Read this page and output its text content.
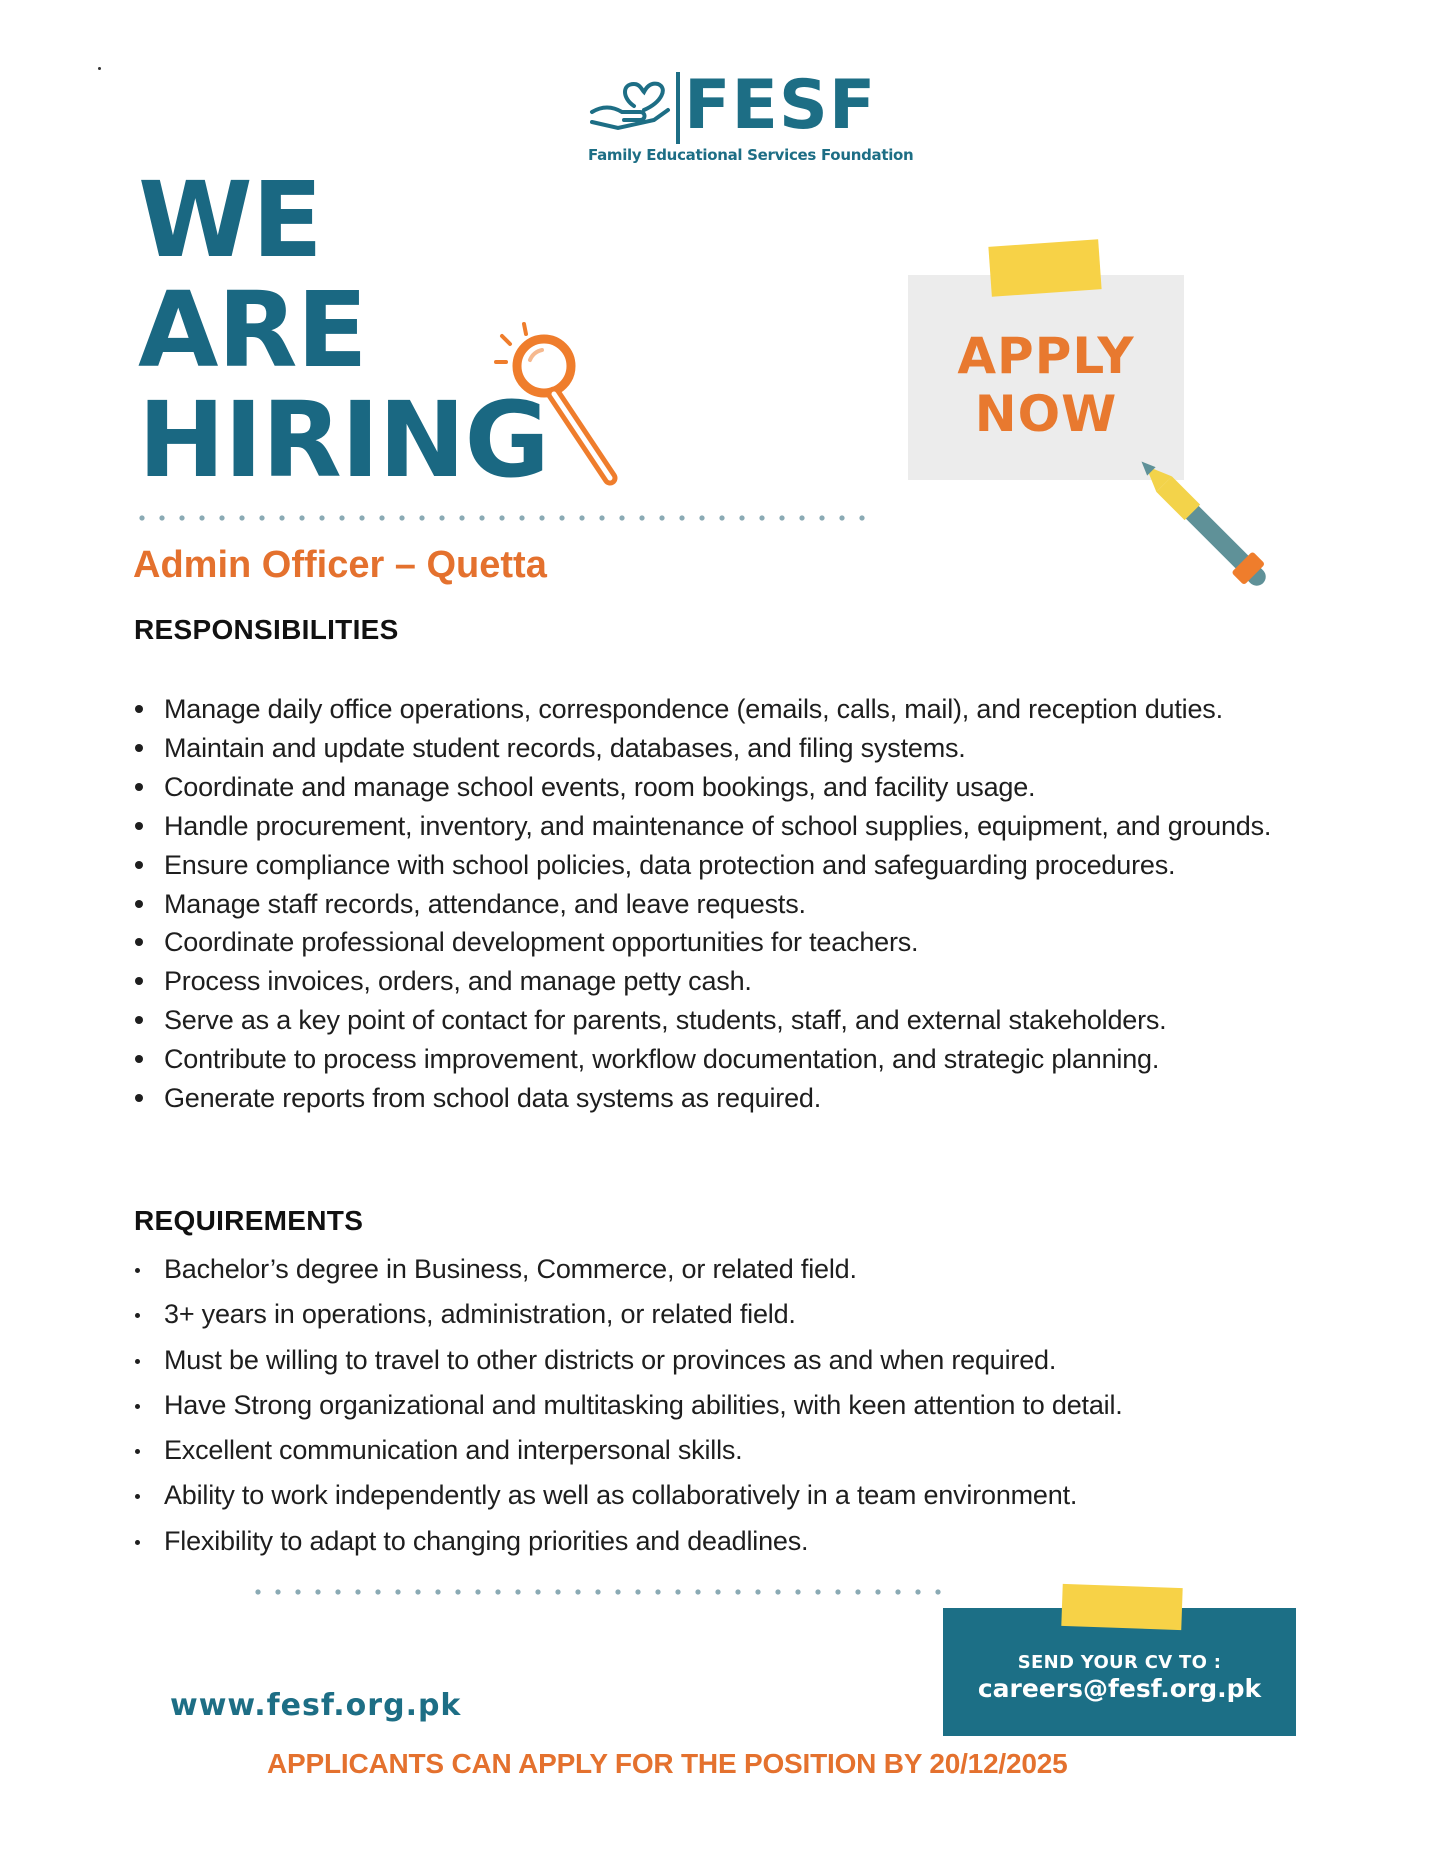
FESF
Family Educational Services Foundation
WE
ARE
HIRING
APPLY
NOW
Admin Officer – Quetta
RESPONSIBILITIES
Manage daily office operations, correspondence (emails, calls, mail), and reception duties.
Maintain and update student records, databases, and filing systems.
Coordinate and manage school events, room bookings, and facility usage.
Handle procurement, inventory, and maintenance of school supplies, equipment, and grounds.
Ensure compliance with school policies, data protection and safeguarding procedures.
Manage staff records, attendance, and leave requests.
Coordinate professional development opportunities for teachers.
Process invoices, orders, and manage petty cash.
Serve as a key point of contact for parents, students, staff, and external stakeholders.
Contribute to process improvement, workflow documentation, and strategic planning.
Generate reports from school data systems as required.
REQUIREMENTS
Bachelor’s degree in Business, Commerce, or related field.
3+ years in operations, administration, or related field.
Must be willing to travel to other districts or provinces as and when required.
Have Strong organizational and multitasking abilities, with keen attention to detail.
Excellent communication and interpersonal skills.
Ability to work independently as well as collaboratively in a team environment.
Flexibility to adapt to changing priorities and deadlines.
www.fesf.org.pk
SEND YOUR CV TO :
careers@fesf.org.pk
APPLICANTS CAN APPLY FOR THE POSITION BY 20/12/2025
